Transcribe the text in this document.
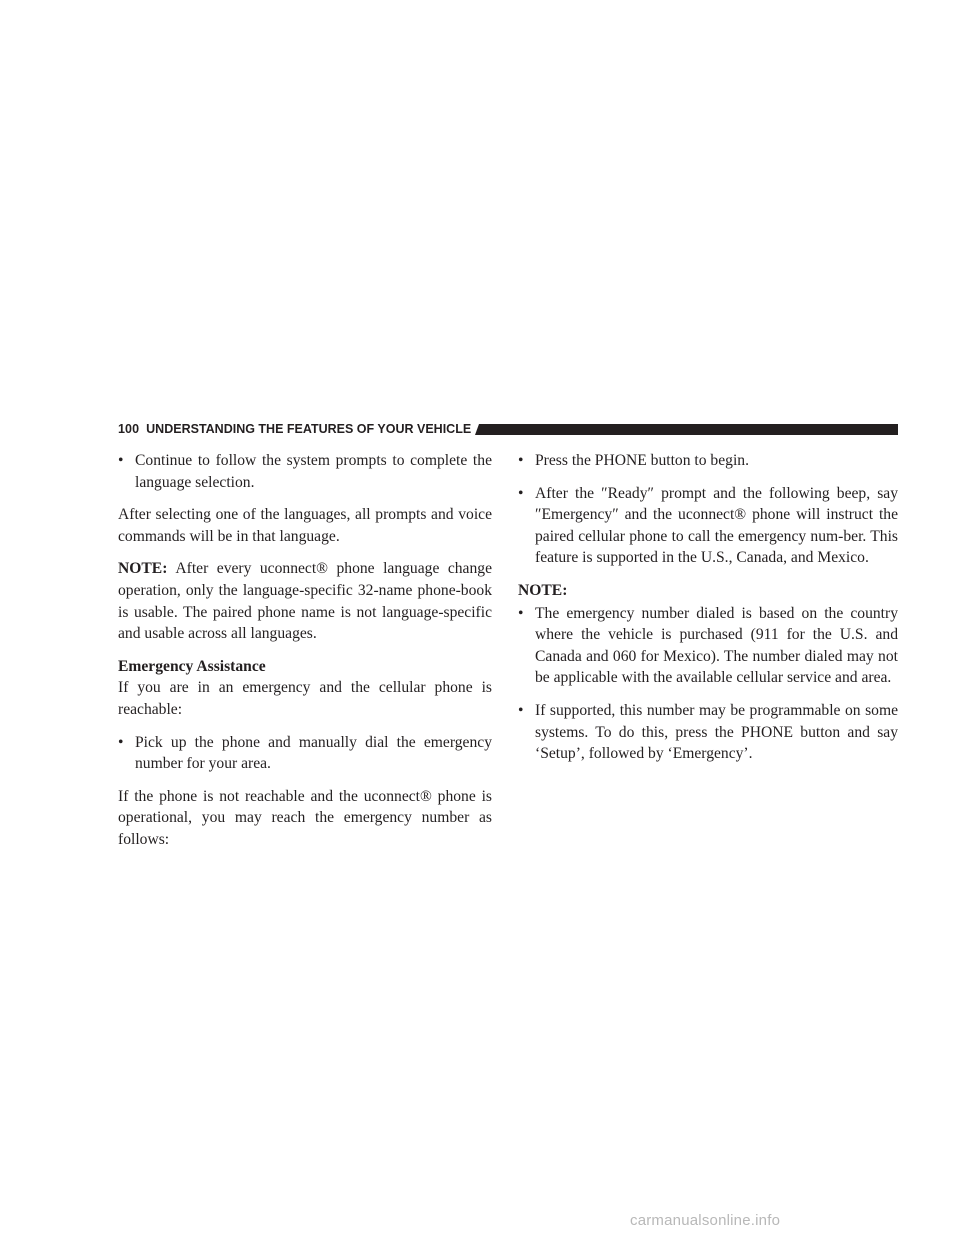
100 UNDERSTANDING THE FEATURES OF YOUR VEHICLE
• Continue to follow the system prompts to complete the language selection.

After selecting one of the languages, all prompts and voice commands will be in that language.

NOTE: After every uconnect® phone language change operation, only the language-specific 32-name phone-book is usable. The paired phone name is not language-specific and usable across all languages.

Emergency Assistance

If you are in an emergency and the cellular phone is reachable:

• Pick up the phone and manually dial the emergency number for your area.

If the phone is not reachable and the uconnect® phone is operational, you may reach the emergency number as follows:

• Press the PHONE button to begin.
• After the ″Ready″ prompt and the following beep, say ″Emergency″ and the uconnect® phone will instruct the paired cellular phone to call the emergency num-ber. This feature is supported in the U.S., Canada, and Mexico.
NOTE:
• The emergency number dialed is based on the country where the vehicle is purchased (911 for the U.S. and Canada and 060 for Mexico). The number dialed may not be applicable with the available cellular service and area.
• If supported, this number may be programmable on some systems. To do this, press the PHONE button and say ‘Setup’, followed by ‘Emergency’.
carmanualsonline.info
